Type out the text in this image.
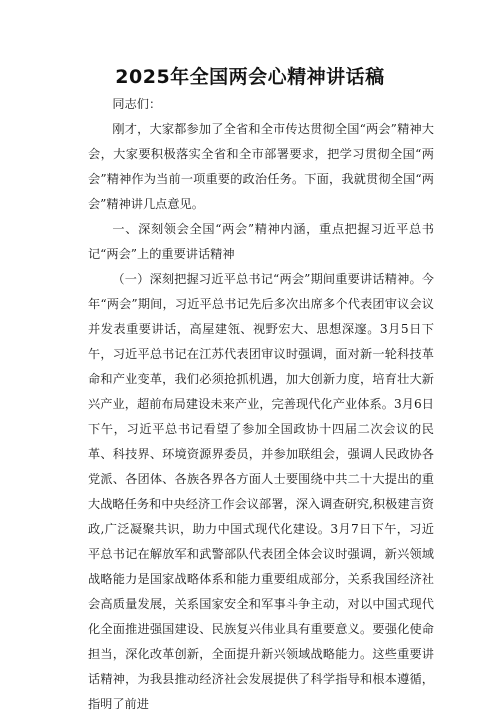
2025年全国两会心精神讲话稿

同志们：

刚才，大家都参加了全省和全市传达贯彻全国“两会”精神大会，大家要积极落实全省和全市部署要求，把学习贯彻全国“两会”精神作为当前一项重要的政治任务。下面，我就贯彻全国“两会”精神讲几点意见。

一、深刻领会全国“两会”精神内涵，重点把握习近平总书记“两会”上的重要讲话精神

（一）深刻把握习近平总书记“两会”期间重要讲话精神。今年“两会”期间，习近平总书记先后多次出席多个代表团审议会议并发表重要讲话，高屋建瓴、视野宏大、思想深邃。3月5日下午，习近平总书记在江苏代表团审议时强调，面对新一轮科技革命和产业变革，我们必须抢抓机遇，加大创新力度，培育壮大新兴产业，超前布局建设未来产业，完善现代化产业体系。3月6日下午，习近平总书记看望了参加全国政协十四届二次会议的民革、科技界、环境资源界委员，并参加联组会，强调人民政协各党派、各团体、各族各界各方面人士要围绕中共二十大提出的重大战略任务和中央经济工作会议部署，深入调查研究,积极建言资政,广泛凝聚共识，助力中国式现代化建设。3月7日下午，习近平总书记在解放军和武警部队代表团全体会议时强调，新兴领域战略能力是国家战略体系和能力重要组成部分，关系我国经济社会高质量发展，关系国家安全和军事斗争主动，对以中国式现代化全面推进强国建设、民族复兴伟业具有重要意义。要强化使命担当，深化改革创新，全面提升新兴领域战略能力。这些重要讲话精神，为我县推动经济社会发展提供了科学指导和根本遵循，指明了前进
